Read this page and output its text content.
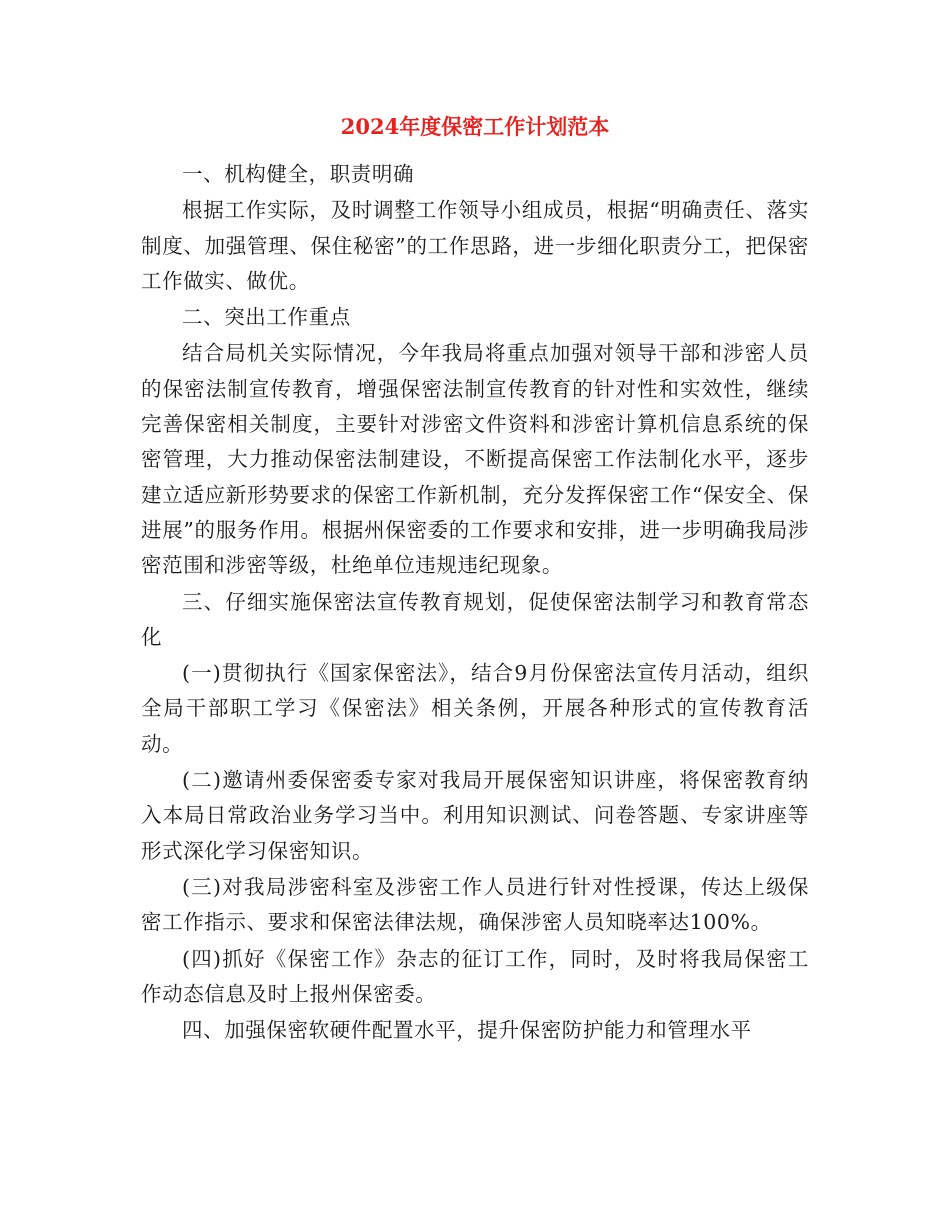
2024年度保密工作计划范本

一、机构健全，职责明确

根据工作实际，及时调整工作领导小组成员，根据“明确责任、落实制度、加强管理、保住秘密”的工作思路，进一步细化职责分工，把保密工作做实、做优。

二、突出工作重点

结合局机关实际情况，今年我局将重点加强对领导干部和涉密人员的保密法制宣传教育，增强保密法制宣传教育的针对性和实效性，继续完善保密相关制度，主要针对涉密文件资料和涉密计算机信息系统的保密管理，大力推动保密法制建设，不断提高保密工作法制化水平，逐步建立适应新形势要求的保密工作新机制，充分发挥保密工作“保安全、保进展”的服务作用。根据州保密委的工作要求和安排，进一步明确我局涉密范围和涉密等级，杜绝单位违规违纪现象。

三、仔细实施保密法宣传教育规划，促使保密法制学习和教育常态化

(一)贯彻执行《国家保密法》，结合9月份保密法宣传月活动，组织全局干部职工学习《保密法》相关条例，开展各种形式的宣传教育活动。

(二)邀请州委保密委专家对我局开展保密知识讲座，将保密教育纳入本局日常政治业务学习当中。利用知识测试、问卷答题、专家讲座等形式深化学习保密知识。

(三)对我局涉密科室及涉密工作人员进行针对性授课，传达上级保密工作指示、要求和保密法律法规，确保涉密人员知晓率达100%。

(四)抓好《保密工作》杂志的征订工作，同时，及时将我局保密工作动态信息及时上报州保密委。

四、加强保密软硬件配置水平，提升保密防护能力和管理水平
